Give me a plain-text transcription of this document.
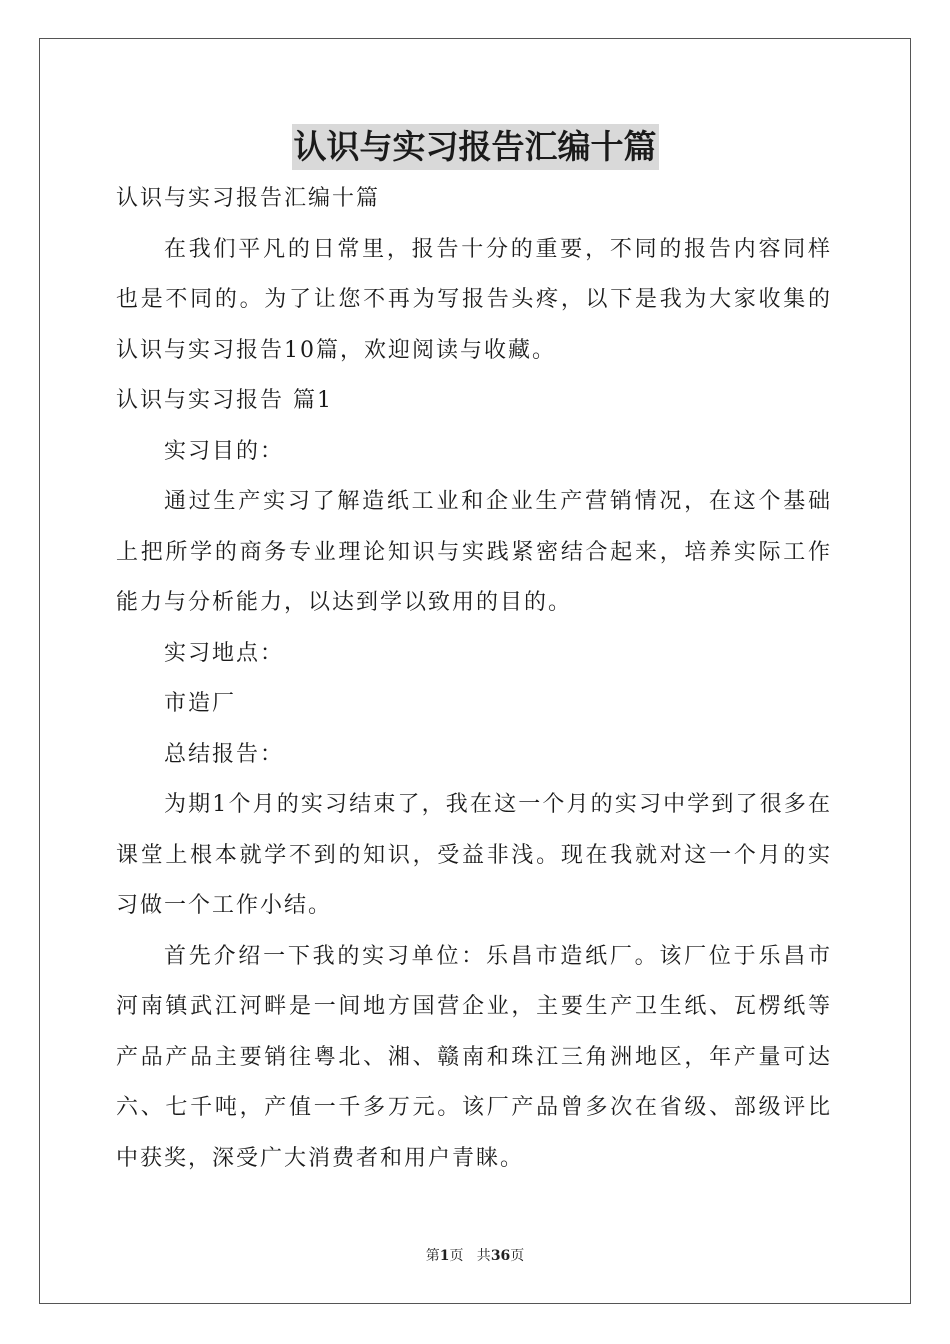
认识与实习报告汇编十篇

认识与实习报告汇编十篇

在我们平凡的日常里，报告十分的重要，不同的报告内容同样也是不同的。为了让您不再为写报告头疼，以下是我为大家收集的认识与实习报告10篇，欢迎阅读与收藏。

认识与实习报告 篇1

实习目的：

通过生产实习了解造纸工业和企业生产营销情况，在这个基础上把所学的商务专业理论知识与实践紧密结合起来，培养实际工作能力与分析能力，以达到学以致用的目的。

实习地点：

市造厂

总结报告：

为期1个月的实习结束了，我在这一个月的实习中学到了很多在课堂上根本就学不到的知识，受益非浅。现在我就对这一个月的实习做一个工作小结。

首先介绍一下我的实习单位：乐昌市造纸厂。该厂位于乐昌市河南镇武江河畔是一间地方国营企业，主要生产卫生纸、瓦楞纸等产品产品主要销往粤北、湘、赣南和珠江三角洲地区，年产量可达六、七千吨，产值一千多万元。该厂产品曾多次在省级、部级评比中获奖，深受广大消费者和用户青睐。

第1页   共36页
